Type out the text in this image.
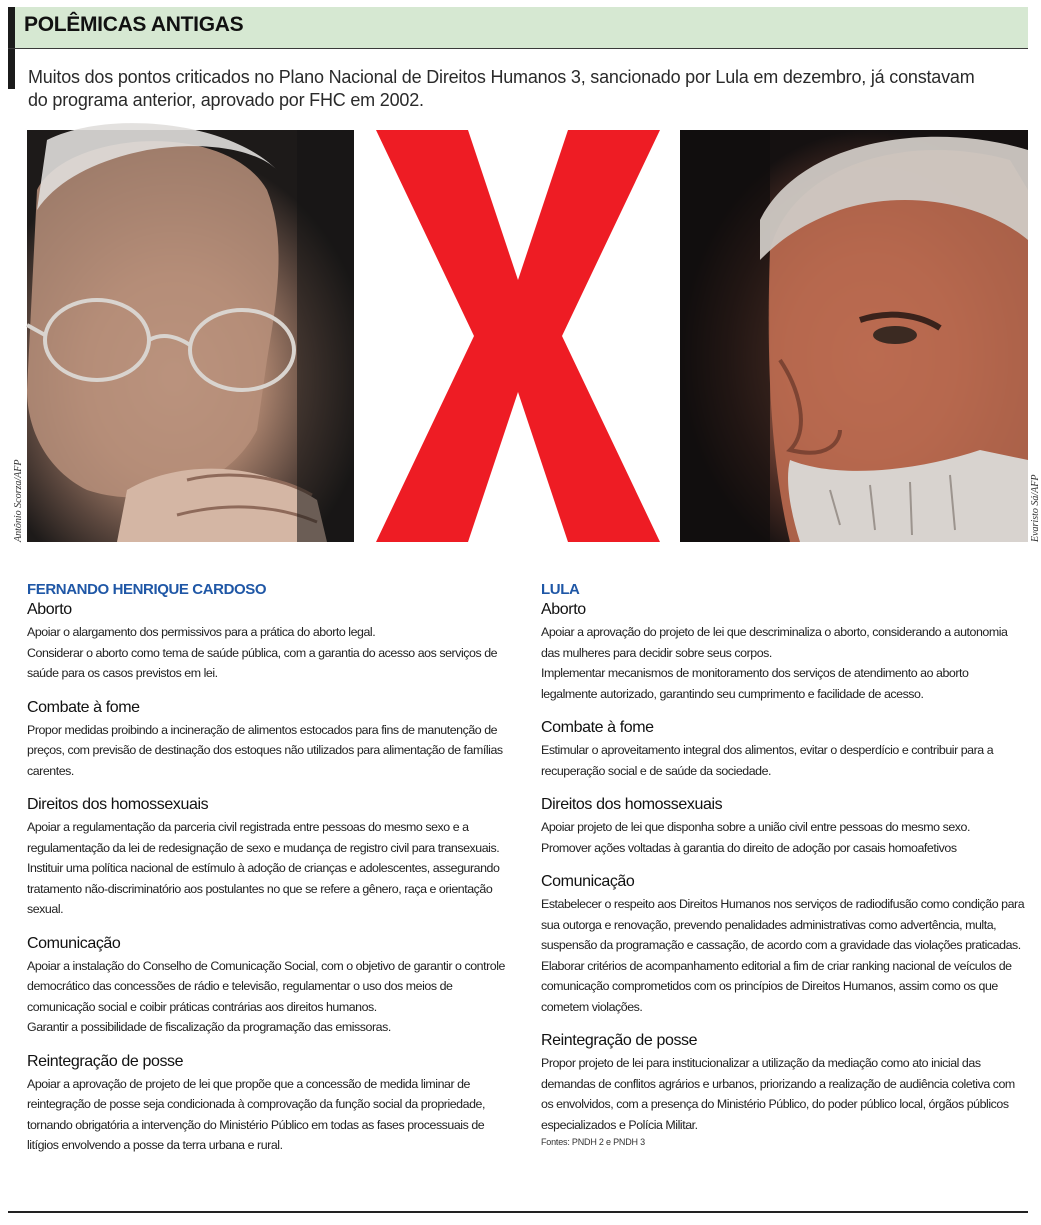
POLÊMICAS ANTIGAS
Muitos dos pontos criticados no Plano Nacional de Direitos Humanos 3, sancionado por Lula em dezembro, já constavam do programa anterior, aprovado por FHC em 2002.
Antônio Scorza/AFP	Evaristo Sá/AFP

FERNANDO HENRIQUE CARDOSO

Aborto

Apoiar o alargamento dos permissivos para a prática do aborto legal.

Considerar o aborto como tema de saúde pública, com a garantia do acesso aos serviços de saúde para os casos previstos em lei.

Combate à fome

Propor medidas proibindo a incineração de alimentos estocados para fins de manutenção de preços, com previsão de destinação dos estoques não utilizados para alimentação de famílias carentes.

Direitos dos homossexuais

Apoiar a regulamentação da parceria civil registrada entre pessoas do mesmo sexo e a regulamentação da lei de redesignação de sexo e mudança de registro civil para transexuais.

Instituir uma política nacional de estímulo à adoção de crianças e adolescentes, assegurando tratamento não-discriminatório aos postulantes no que se refere a gênero, raça e orientação sexual.

Comunicação

Apoiar a instalação do Conselho de Comunicação Social, com o objetivo de garantir o controle democrático das concessões de rádio e televisão, regulamentar o uso dos meios de comunicação social e coibir práticas contrárias aos direitos humanos.

Garantir a possibilidade de fiscalização da programação das emissoras.

Reintegração de posse

Apoiar a aprovação de projeto de lei que propõe que a concessão de medida liminar de reintegração de posse seja condicionada à comprovação da função social da propriedade, tornando obrigatória a intervenção do Ministério Público em todas as fases processuais de litígios envolvendo a posse da terra urbana e rural.

LULA

Aborto

Apoiar a aprovação do projeto de lei que descriminaliza o aborto, considerando a autonomia das mulheres para decidir sobre seus corpos.

Implementar mecanismos de monitoramento dos serviços de atendimento ao aborto legalmente autorizado, garantindo seu cumprimento e facilidade de acesso.

Combate à fome

Estimular o aproveitamento integral dos alimentos, evitar o desperdício e contribuir para a recuperação social e de saúde da sociedade.

Direitos dos homossexuais

Apoiar projeto de lei que disponha sobre a união civil entre pessoas do mesmo sexo.

Promover ações voltadas à garantia do direito de adoção por casais homoafetivos

Comunicação

Estabelecer o respeito aos Direitos Humanos nos serviços de radiodifusão como condição para sua outorga e renovação, prevendo penalidades administrativas como advertência, multa, suspensão da programação e cassação, de acordo com a gravidade das violações praticadas.

Elaborar critérios de acompanhamento editorial a fim de criar ranking nacional de veículos de comunicação comprometidos com os princípios de Direitos Humanos, assim como os que cometem violações.

Reintegração de posse

Propor projeto de lei para institucionalizar a utilização da mediação como ato inicial das demandas de conflitos agrários e urbanos, priorizando a realização de audiência coletiva com os envolvidos, com a presença do Ministério Público, do poder público local, órgãos públicos especializados e Polícia Militar.

Fontes: PNDH 2 e PNDH 3
